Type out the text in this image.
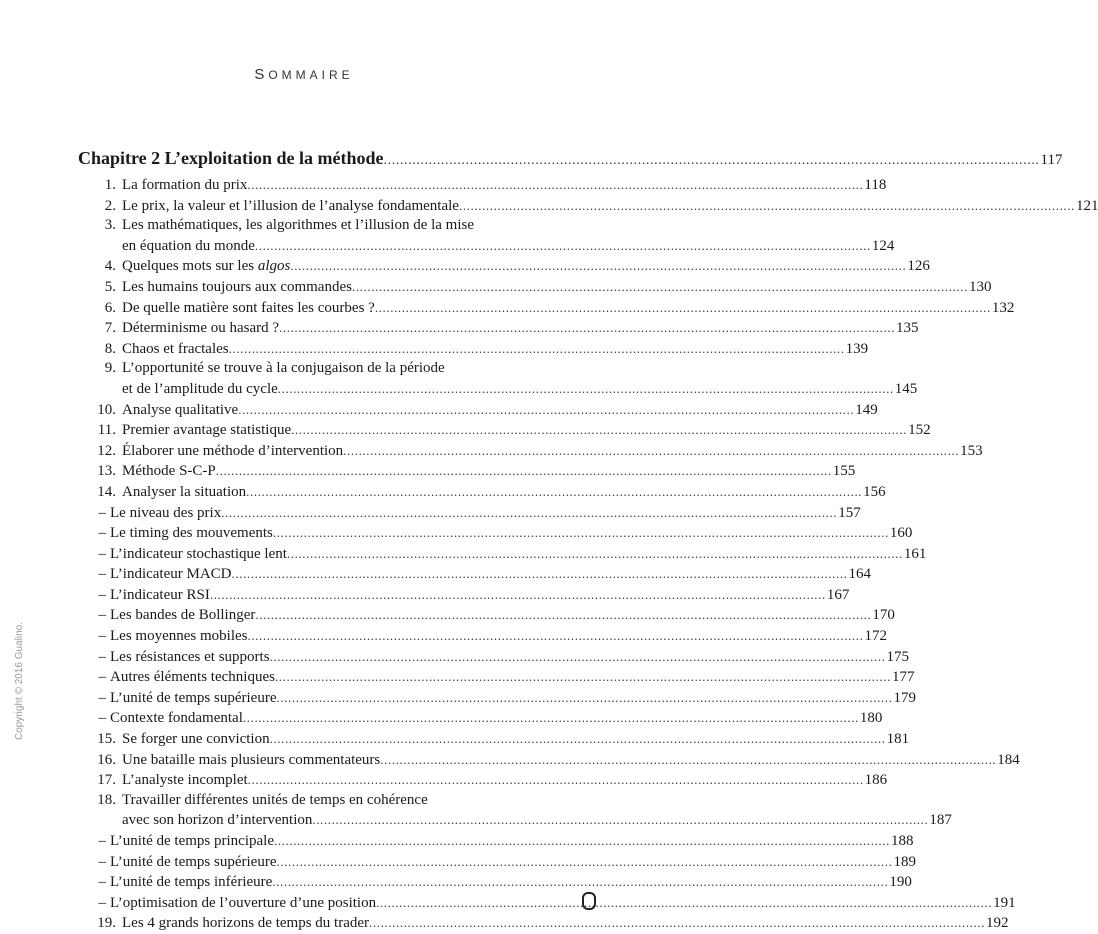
SOMMAIRE
Chapitre 2 L’exploitation de la méthode .....	117
1. La formation du prix .....	118
2. Le prix, la valeur et l’illusion de l’analyse fondamentale .....	121
3. Les mathématiques, les algorithmes et l’illusion de la mise
en équation du monde .....	124
4. Quelques mots sur les algos .....	126
5. Les humains toujours aux commandes .....	130
6. De quelle matière sont faites les courbes ? .....	132
7. Déterminisme ou hasard ? .....	135
8. Chaos et fractales .....	139
9. L’opportunité se trouve à la conjugaison de la période
et de l’amplitude du cycle .....	145
10. Analyse qualitative .....	149
11. Premier avantage statistique .....	152
12. Élaborer une méthode d’intervention .....	153
13. Méthode S-C-P .....	155
14. Analyser la situation .....	156
– Le niveau des prix .....	157
– Le timing des mouvements .....	160
– L’indicateur stochastique lent .....	161
– L’indicateur MACD .....	164
– L’indicateur RSI .....	167
– Les bandes de Bollinger .....	170
– Les moyennes mobiles .....	172
– Les résistances et supports .....	175
– Autres éléments techniques .....	177
– L’unité de temps supérieure .....	179
– Contexte fondamental .....	180
15. Se forger une conviction .....	181
16. Une bataille mais plusieurs commentateurs .....	184
17. L’analyste incomplet .....	186
18. Travailler différentes unités de temps en cohérence
avec son horizon d’intervention .....	187
– L’unité de temps principale .....	188
– L’unité de temps supérieure .....	189
– L’unité de temps inférieure .....	190
– L’optimisation de l’ouverture d’une position .....	191
19. Les 4 grands horizons de temps du trader .....	192
Copyright © 2016 Gualino.
